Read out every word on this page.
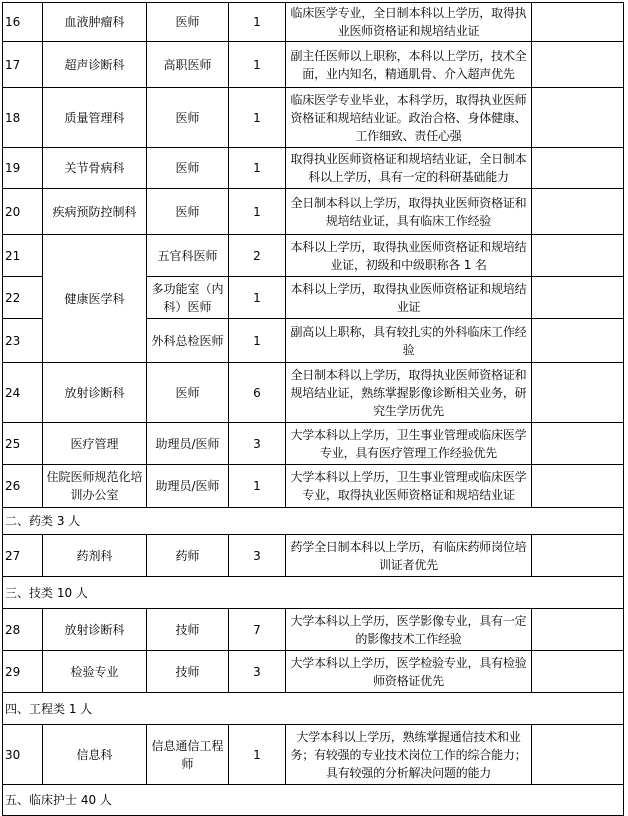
16	血液肿瘤科	医师	1	临床医学专业，全日制本科以上学历，取得执业医师资格证和规培结业证	
17	超声诊断科	高职医师	1	副主任医师以上职称，本科以上学历，技术全面，业内知名，精通肌骨、介入超声优先	
18	质量管理科	医师	1	临床医学专业毕业，本科学历，取得执业医师资格证和规培结业证。政治合格、身体健康、工作细致、责任心强	
19	关节骨病科	医师	1	取得执业医师资格证和规培结业证，全日制本科以上学历，具有一定的科研基础能力	
20	疾病预防控制科	医师	1	全日制本科以上学历，取得执业医师资格证和规培结业证，具有临床工作经验	
21	健康医学科	五官科医师	2	本科以上学历，取得执业医师资格证和规培结业证，初级和中级职称各 1 名	
22		多功能室（内科）医师	1	本科以上学历，取得执业医师资格证和规培结业证	
23		外科总检医师	1	副高以上职称，具有较扎实的外科临床工作经验	
24	放射诊断科	医师	6	全日制本科以上学历，取得执业医师资格证和规培结业证，熟练掌握影像诊断相关业务，研究生学历优先	
25	医疗管理	助理员/医师	3	大学本科以上学历，卫生事业管理或临床医学专业，具有医疗管理工作经验优先	
26	住院医师规范化培训办公室	助理员/医师	1	大学本科以上学历，卫生事业管理或临床医学专业，取得执业医师资格证和规培结业证	
二、药类 3 人					
27	药剂科	药师	3	药学全日制本科以上学历，有临床药师岗位培训证者优先	
三、技类 10 人					
28	放射诊断科	技师	7	大学本科以上学历，医学影像专业，具有一定的影像技术工作经验	
29	检验专业	技师	3	大学本科以上学历，医学检验专业，具有检验师资格证优先	
四、工程类 1 人					
30	信息科	信息通信工程师	1	大学本科以上学历，熟练掌握通信技术和业务；有较强的专业技术岗位工作的综合能力；具有较强的分析解决问题的能力	
五、临床护士 40 人					
